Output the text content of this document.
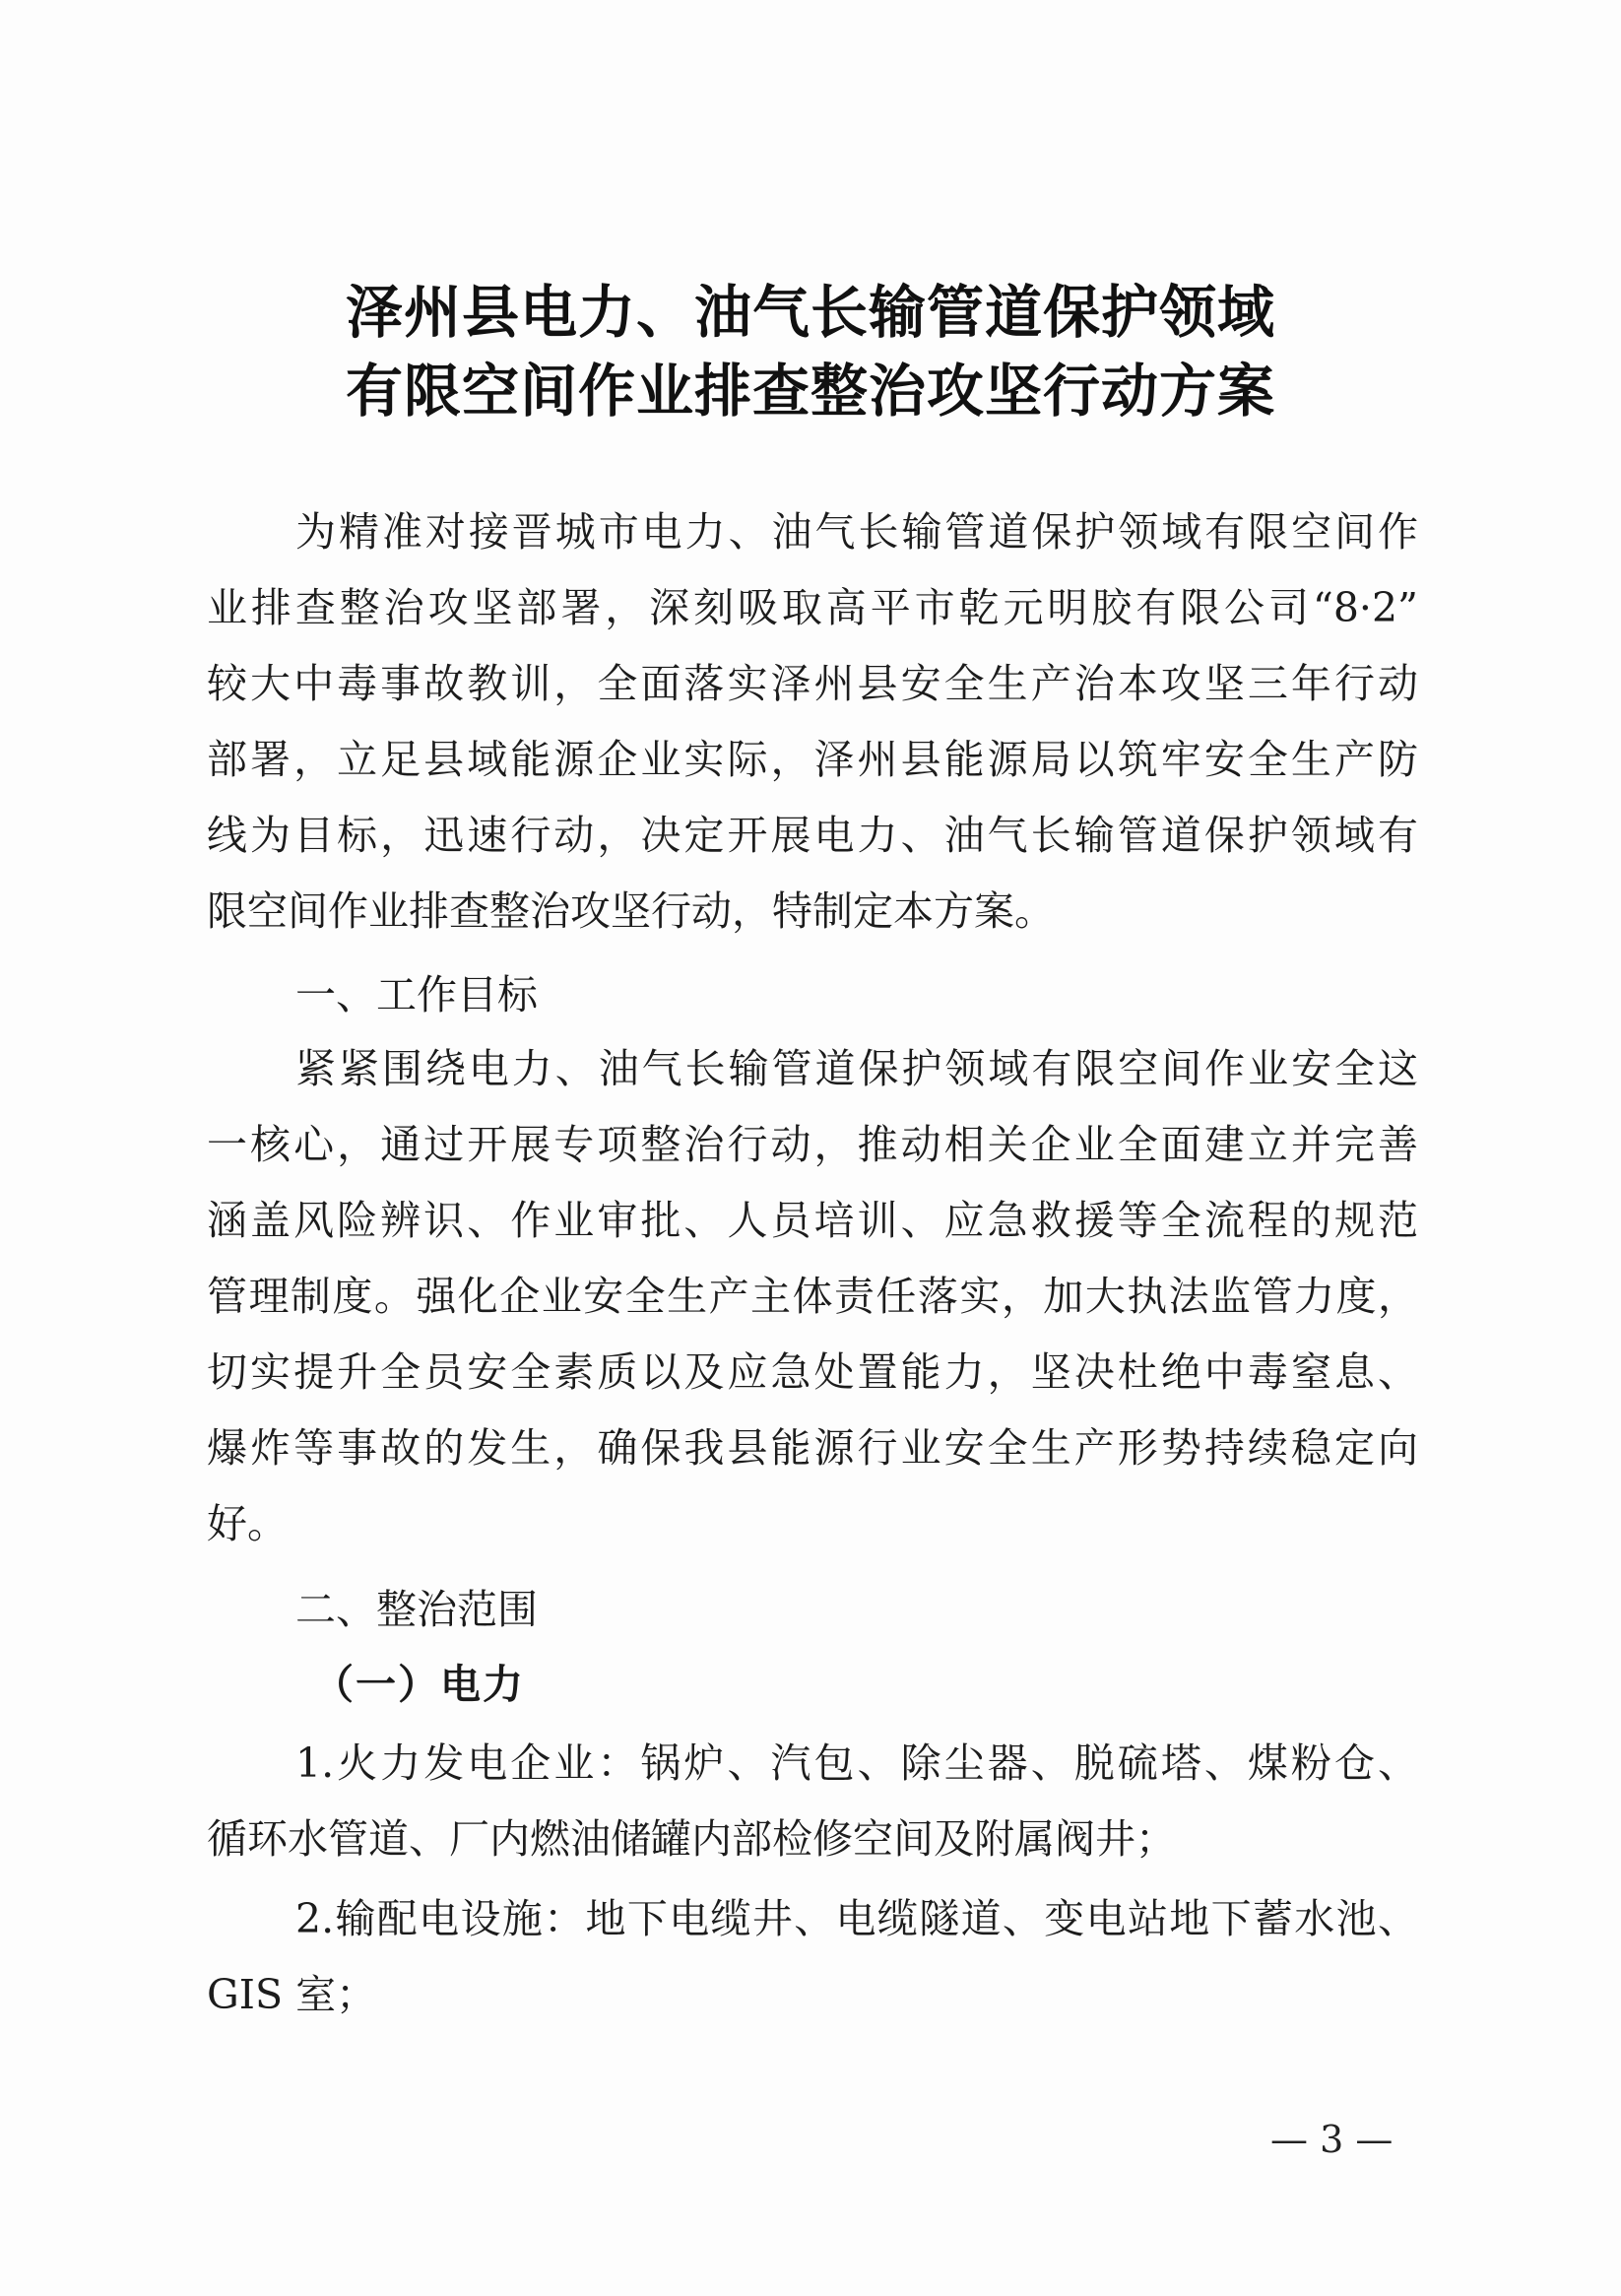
泽州县电力、油气长输管道保护领域
有限空间作业排查整治攻坚行动方案
为精准对接晋城市电力、油气长输管道保护领域有限空间作
业排查整治攻坚部署，深刻吸取高平市乾元明胶有限公司“8·2”
较大中毒事故教训，全面落实泽州县安全生产治本攻坚三年行动
部署，立足县域能源企业实际，泽州县能源局以筑牢安全生产防
线为目标，迅速行动，决定开展电力、油气长输管道保护领域有
限空间作业排查整治攻坚行动，特制定本方案。
一、工作目标
紧紧围绕电力、油气长输管道保护领域有限空间作业安全这
一核心，通过开展专项整治行动，推动相关企业全面建立并完善
涵盖风险辨识、作业审批、人员培训、应急救援等全流程的规范
管理制度。强化企业安全生产主体责任落实，加大执法监管力度，
切实提升全员安全素质以及应急处置能力，坚决杜绝中毒窒息、
爆炸等事故的发生，确保我县能源行业安全生产形势持续稳定向
好。
二、整治范围
（一）电力
1.火力发电企业：锅炉、汽包、除尘器、脱硫塔、煤粉仓、
循环水管道、厂内燃油储罐内部检修空间及附属阀井；
2.输配电设施：地下电缆井、电缆隧道、变电站地下蓄水池、
GIS 室；
— 3 —
